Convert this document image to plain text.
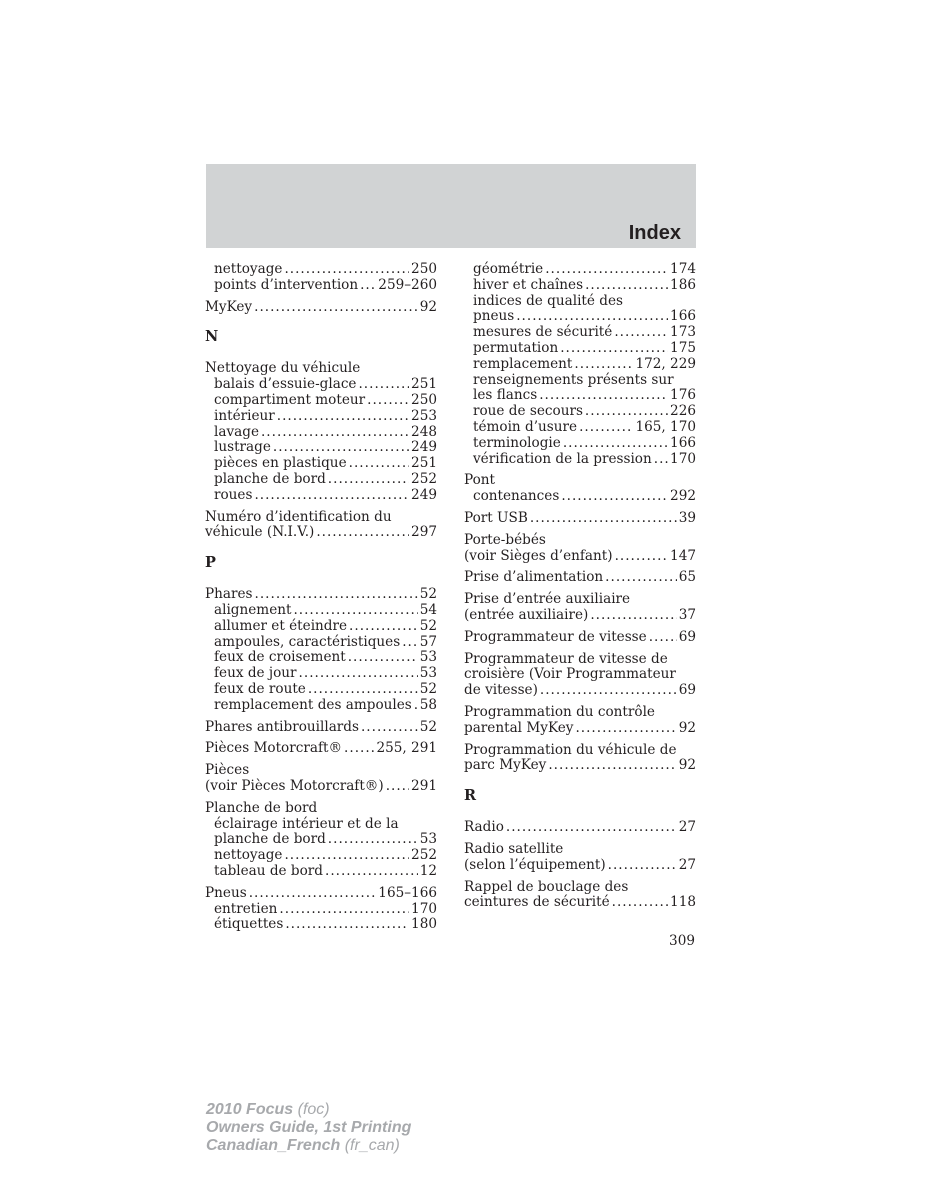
Index
nettoyage .....	250
points d’intervention ..... 259–260
MyKey .....	92
N
Nettoyage du véhicule
balais d’essuie-glace .....	251
compartiment moteur .....	250
intérieur .....	253
lavage .....	248
lustrage .....	249
pièces en plastique .....	251
planche de bord .....	252
roues .....	249
Numéro d’identification du
véhicule (N.I.V.) .....	297
P
Phares .....	52
alignement .....	54
allumer et éteindre .....	52
ampoules, caractéristiques ..... 57
feux de croisement .....	53
feux de jour .....	53
feux de route .....	52
remplacement des ampoules ..... 58
Phares antibrouillards .....	52
Pièces Motorcraft® .....	255, 291
Pièces
(voir Pièces Motorcraft®) ..... 291
Planche de bord
éclairage intérieur et de la
planche de bord .....	53
nettoyage .....	252
tableau de bord .....	12
Pneus .....	165–166
entretien .....	170
étiquettes .....	180
géométrie .....	174
hiver et chaînes .....	186
indices de qualité des
pneus .....	166
mesures de sécurité .....	173
permutation .....	175
remplacement .....	172, 229
renseignements présents sur
les flancs .....	176
roue de secours .....	226
témoin d’usure .....	165, 170
terminologie .....	166
vérification de la pression ..... 170
Pont
contenances .....	292
Port USB .....	39
Porte-bébés
(voir Sièges d’enfant) .....	147
Prise d’alimentation .....	65
Prise d’entrée auxiliaire
(entrée auxiliaire) .....	37
Programmateur de vitesse ..... 69
Programmateur de vitesse de
croisière (Voir Programmateur
de vitesse) .....	69
Programmation du contrôle
parental MyKey .....	92
Programmation du véhicule de
parc MyKey .....	92
R
Radio .....	27
Radio satellite
(selon l’équipement) .....	27
Rappel de bouclage des
ceintures de sécurité .....	118
309
2010 Focus (foc)
Owners Guide, 1st Printing
Canadian_French (fr_can)
